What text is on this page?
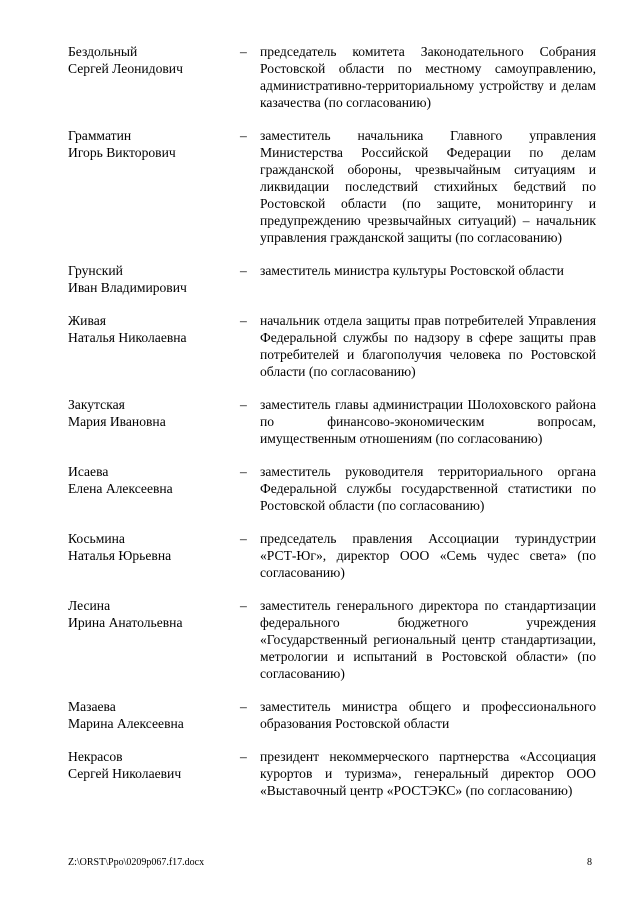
Бездольный
Сергей Леонидович
– председатель комитета Законодательного Собрания Ростовской области по местному самоуправлению, административно-территориальному устройству и делам казачества (по согласованию)
Грамматин
Игорь Викторович
– заместитель начальника Главного управления Министерства Российской Федерации по делам гражданской обороны, чрезвычайным ситуациям и ликвидации последствий стихийных бедствий по Ростовской области (по защите, мониторингу и предупреждению чрезвычайных ситуаций) – начальник управления гражданской защиты (по согласованию)
Грунский
Иван Владимирович
– заместитель министра культуры Ростовской области
Живая
Наталья Николаевна
– начальник отдела защиты прав потребителей Управления Федеральной службы по надзору в сфере защиты прав потребителей и благополучия человека по Ростовской области (по согласованию)
Закутская
Мария Ивановна
– заместитель главы администрации Шолоховского района по финансово-экономическим вопросам, имущественным отношениям (по согласованию)
Исаева
Елена Алексеевна
– заместитель руководителя территориального органа Федеральной службы государственной статистики по Ростовской области (по согласованию)
Косьмина
Наталья Юрьевна
– председатель правления Ассоциации туриндустрии «РСТ-Юг», директор ООО «Семь чудес света» (по согласованию)
Лесина
Ирина Анатольевна
– заместитель генерального директора по стандартизации федерального бюджетного учреждения «Государственный региональный центр стандартизации, метрологии и испытаний в Ростовской области» (по согласованию)
Мазаева
Марина Алексеевна
– заместитель министра общего и профессионального образования Ростовской области
Некрасов
Сергей Николаевич
– президент некоммерческого партнерства «Ассоциация курортов и туризма», генеральный директор ООО «Выставочный центр «РОСТЭКС» (по согласованию)
Z:\ORST\Ppo\0209p067.f17.docx	8
